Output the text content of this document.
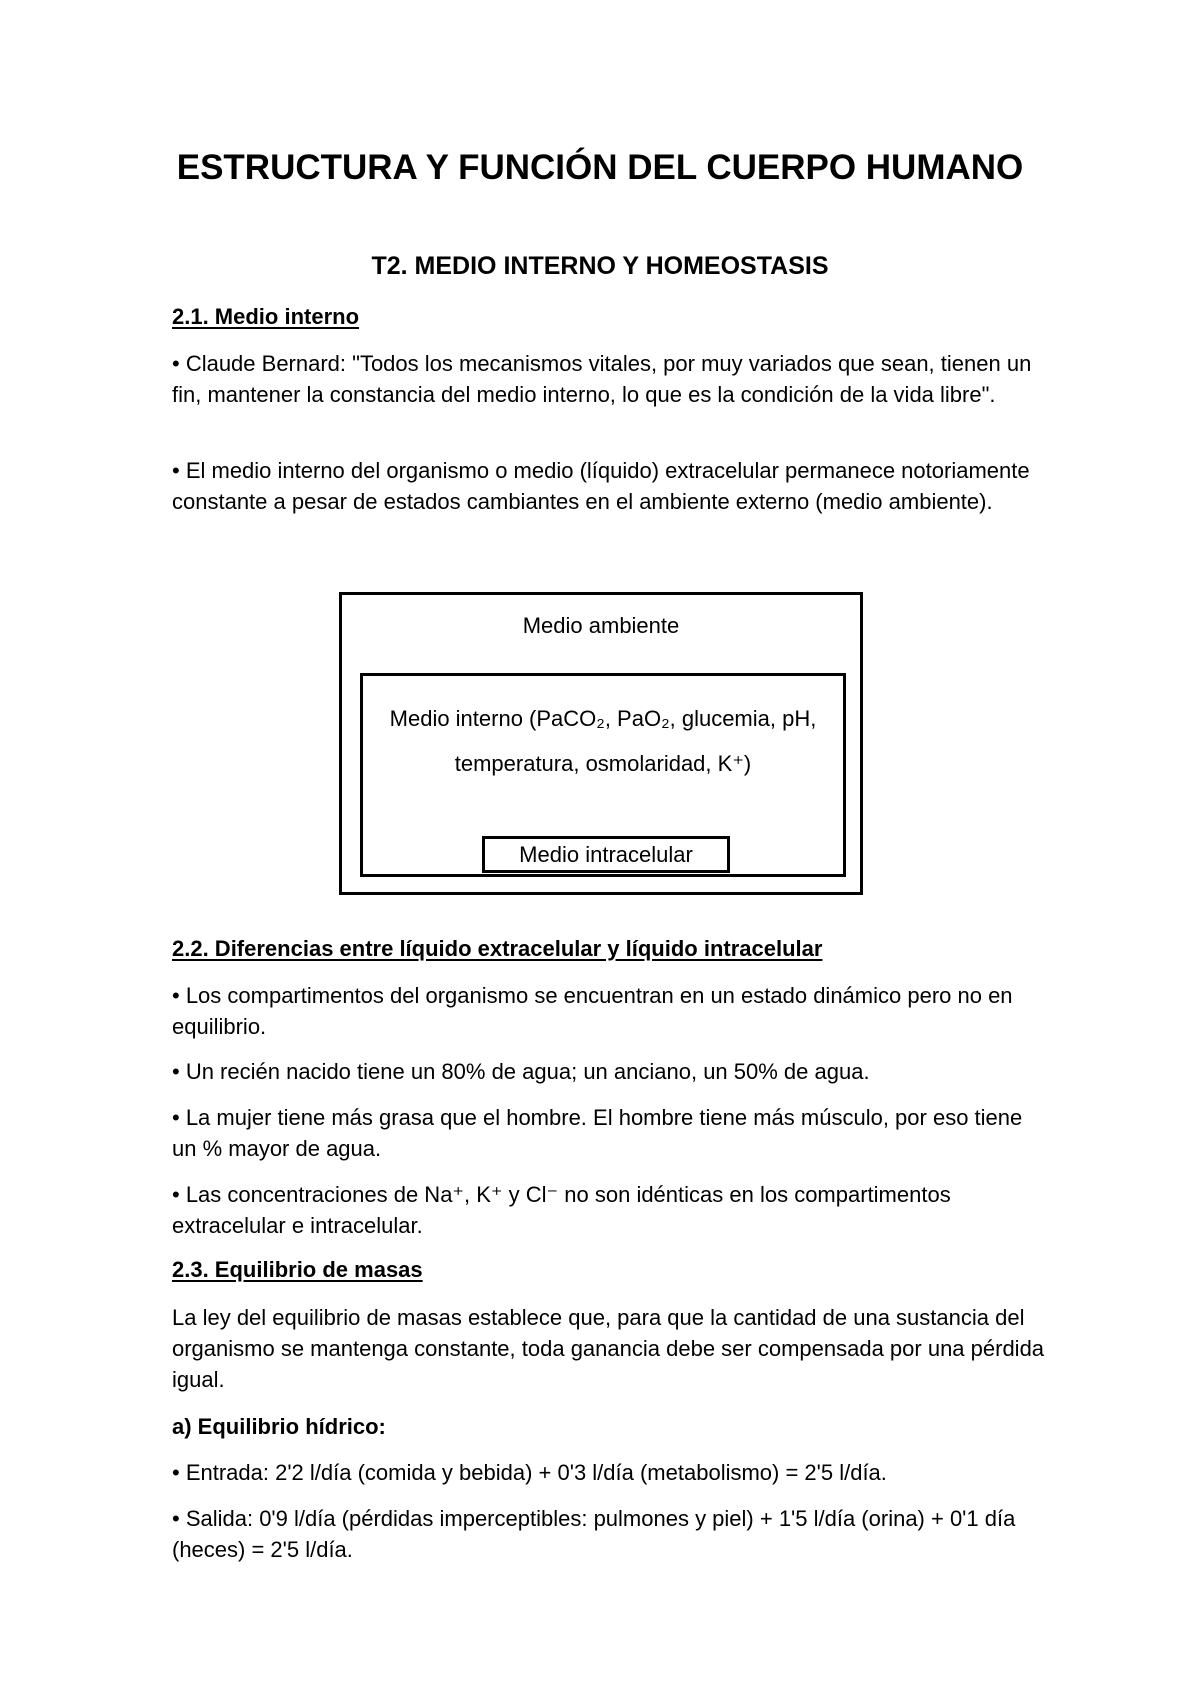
ESTRUCTURA Y FUNCIÓN DEL CUERPO HUMANO
T2. MEDIO INTERNO Y HOMEOSTASIS
2.1. Medio interno
• Claude Bernard: "Todos los mecanismos vitales, por muy variados que sean, tienen un fin, mantener la constancia del medio interno, lo que es la condición de la vida libre".
• El medio interno del organismo o medio (líquido) extracelular permanece notoriamente constante a pesar de estados cambiantes en el ambiente externo (medio ambiente).
Medio ambiente
Medio interno (PaCO₂, PaO₂, glucemia, pH, temperatura, osmolaridad, K⁺)
Medio intracelular
2.2. Diferencias entre líquido extracelular y líquido intracelular
• Los compartimentos del organismo se encuentran en un estado dinámico pero no en equilibrio.
• Un recién nacido tiene un 80% de agua; un anciano, un 50% de agua.
• La mujer tiene más grasa que el hombre. El hombre tiene más músculo, por eso tiene un % mayor de agua.
• Las concentraciones de Na⁺, K⁺ y Cl⁻ no son idénticas en los compartimentos extracelular e intracelular.
2.3. Equilibrio de masas
La ley del equilibrio de masas establece que, para que la cantidad de una sustancia del organismo se mantenga constante, toda ganancia debe ser compensada por una pérdida igual.
a) Equilibrio hídrico:
• Entrada: 2'2 l/día (comida y bebida) + 0'3 l/día (metabolismo) = 2'5 l/día.
• Salida: 0'9 l/día (pérdidas imperceptibles: pulmones y piel) + 1'5 l/día (orina) + 0'1 día (heces) = 2'5 l/día.
